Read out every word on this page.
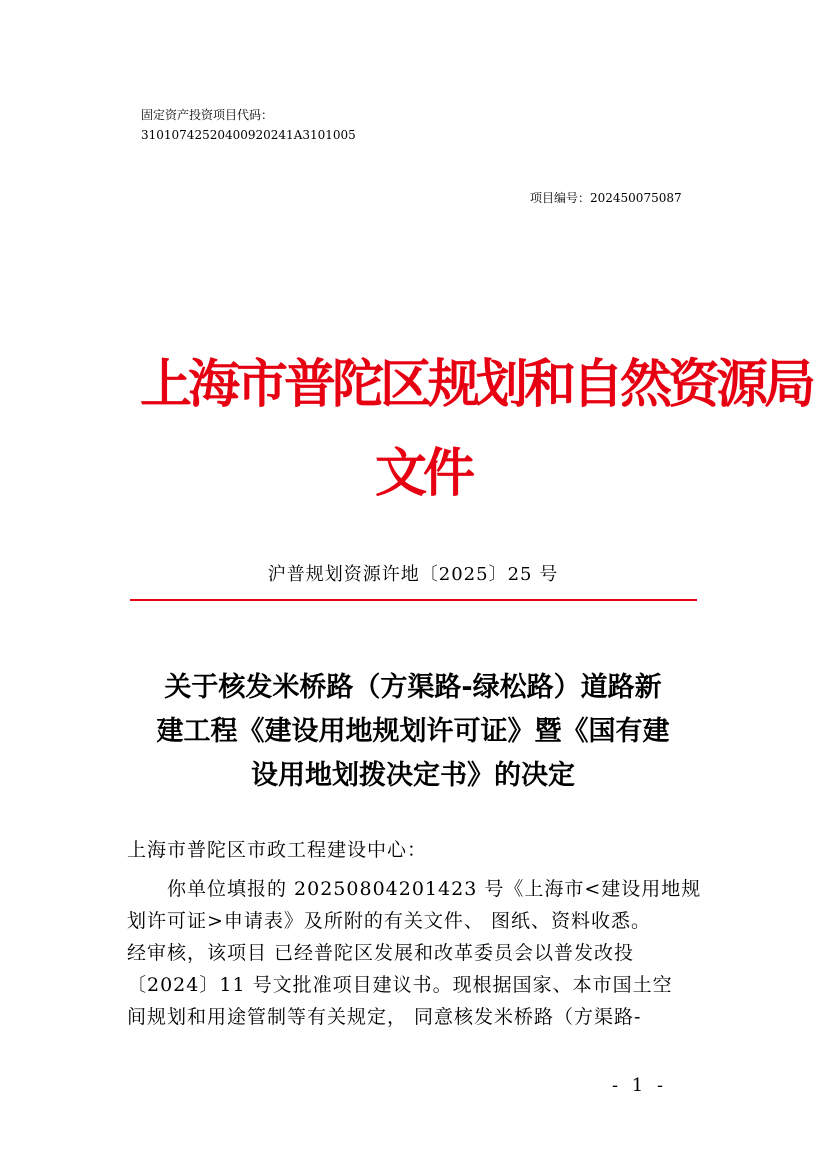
固定资产投资项目代码：
31010742520400920241A3101005
项目编号：202450075087
上海市普陀区规划和自然资源局
文件
沪普规划资源许地〔2025〕25 号
关于核发米桥路（方渠路-绿松路）道路新
建工程《建设用地规划许可证》暨《国有建
设用地划拨决定书》的决定
上海市普陀区市政工程建设中心：
　　你单位填报的 20250804201423 号《上海市<建设用地规
划许可证>申请表》及所附的有关文件、 图纸、资料收悉。
经审核，该项目 已经普陀区发展和改革委员会以普发改投
〔2024〕11 号文批准项目建议书。现根据国家、本市国土空
间规划和用途管制等有关规定， 同意核发米桥路（方渠路-
- 1 -
